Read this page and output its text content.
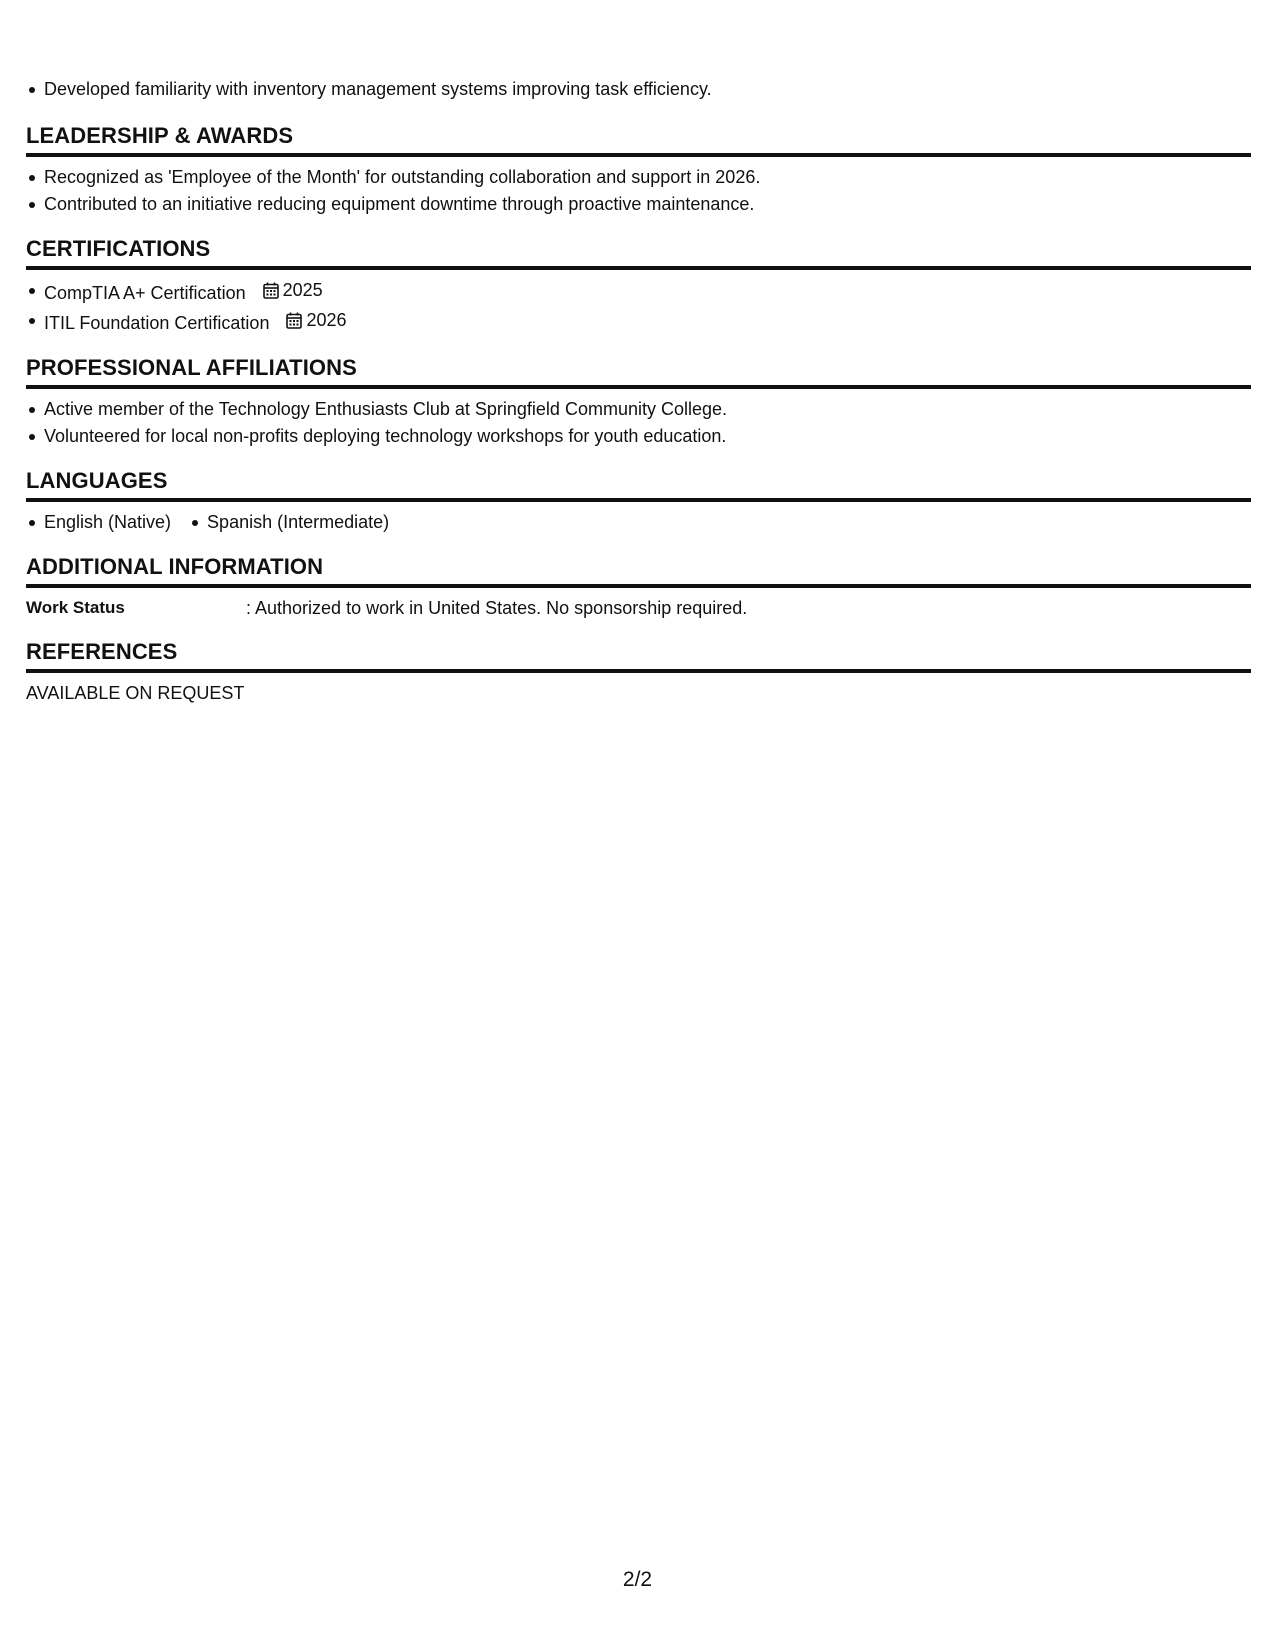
Developed familiarity with inventory management systems improving task efficiency.
LEADERSHIP & AWARDS
Recognized as 'Employee of the Month' for outstanding collaboration and support in 2026.
Contributed to an initiative reducing equipment downtime through proactive maintenance.
CERTIFICATIONS
CompTIA A+ Certification 2025
ITIL Foundation Certification 2026
PROFESSIONAL AFFILIATIONS
Active member of the Technology Enthusiasts Club at Springfield Community College.
Volunteered for local non-profits deploying technology workshops for youth education.
LANGUAGES
English (Native) Spanish (Intermediate)
ADDITIONAL INFORMATION
Work Status	: Authorized to work in United States. No sponsorship required.
REFERENCES
AVAILABLE ON REQUEST
2/2
